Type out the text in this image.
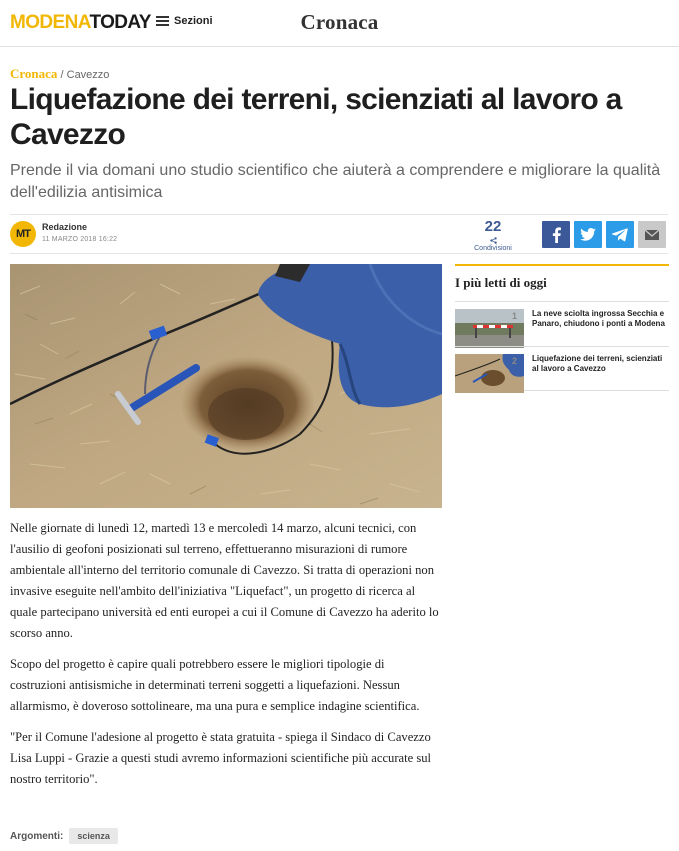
MODENATODAY Sezioni	Cronaca
Cronaca / Cavezzo
Liquefazione dei terreni, scienziati al lavoro a Cavezzo
Prende il via domani uno studio scientifico che aiuterà a comprendere e migliorare la qualità dell'edilizia antisimica
MT
Redazione
11 MARZO 2018 16:22
22
Condivisioni

Nelle giornate di lunedì 12, martedì 13 e mercoledì 14 marzo, alcuni tecnici, con l'ausilio di geofoni posizionati sul terreno, effettueranno misurazioni di rumore ambientale all'interno del territorio comunale di Cavezzo. Si tratta di operazioni non invasive eseguite nell'ambito dell'iniziativa "Liquefact", un progetto di ricerca al quale partecipano università ed enti europei a cui il Comune di Cavezzo ha aderito lo scorso anno.

Scopo del progetto è capire quali potrebbero essere le migliori tipologie di costruzioni antisismiche in determinati terreni soggetti a liquefazioni. Nessun allarmismo, è doveroso sottolineare, ma una pura e semplice indagine scientifica.

"Per il Comune l'adesione al progetto è stata gratuita - spiega il Sindaco di Cavezzo Lisa Luppi - Grazie a questi studi avremo informazioni scientifiche più accurate sul nostro territorio".

Argomenti:	scienza
I più letti di oggi
1 La neve sciolta ingrossa Secchia e Panaro, chiudono i ponti a Modena
2 Liquefazione dei terreni, scienziati al lavoro a Cavezzo
